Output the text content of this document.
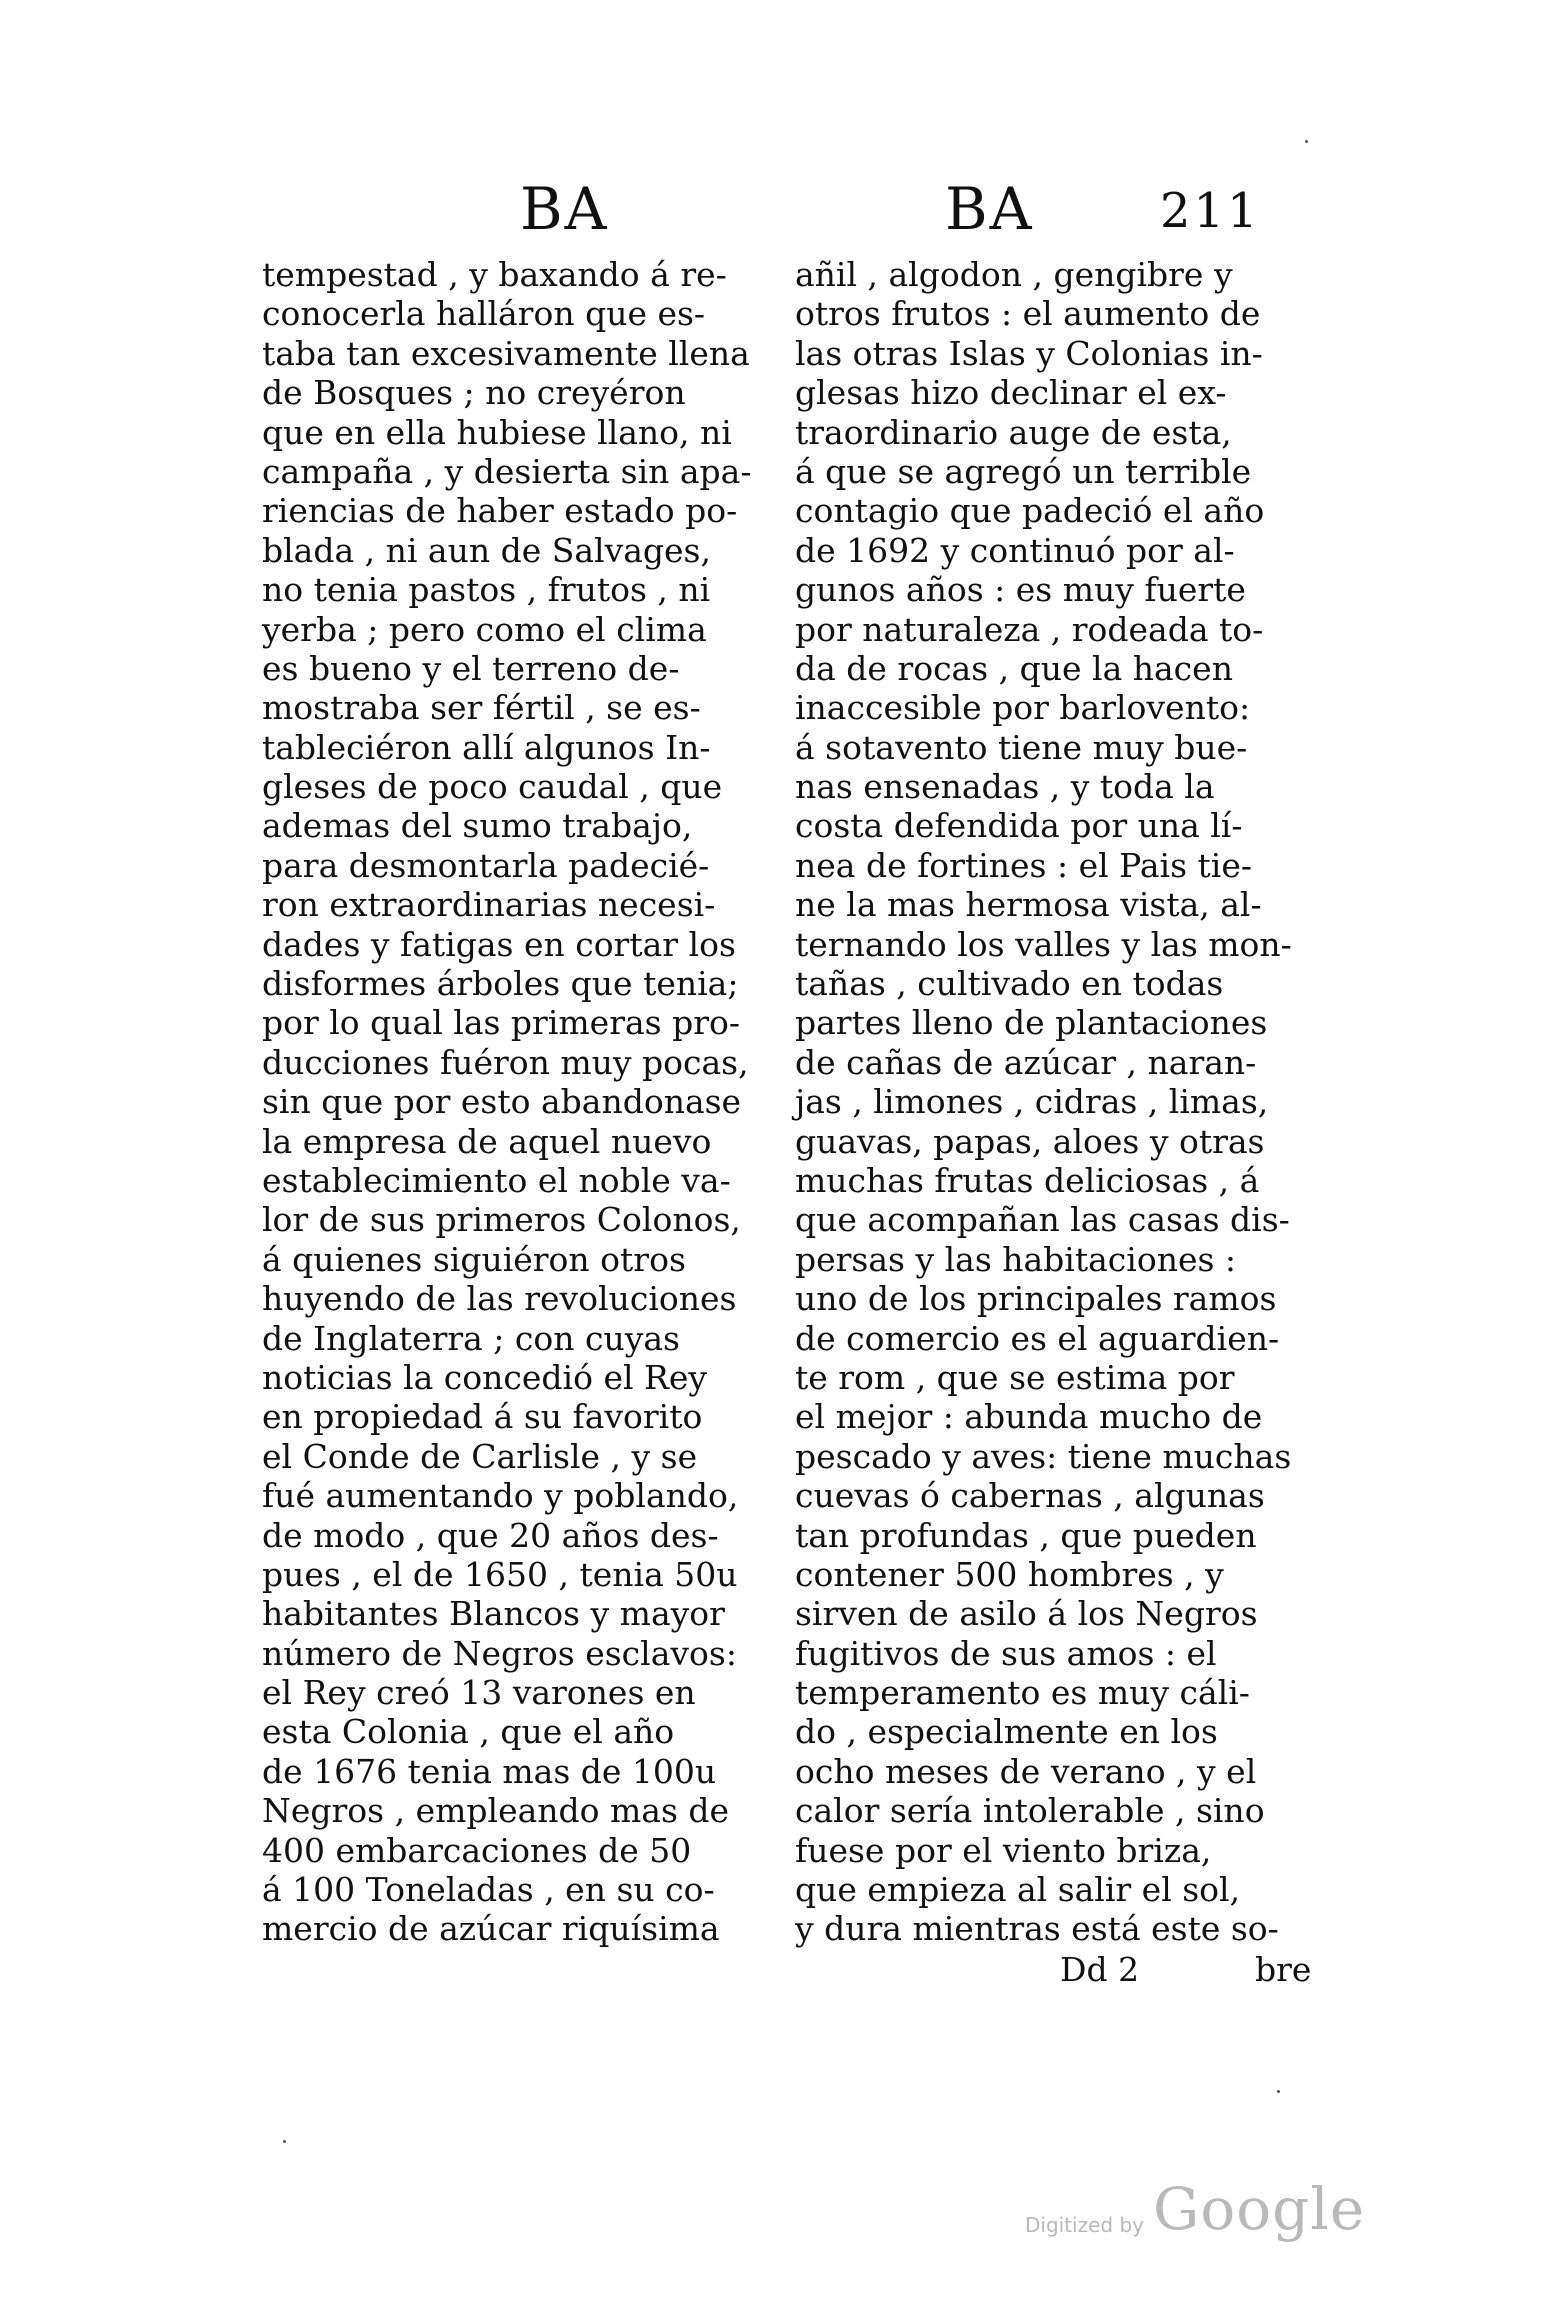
BA	BA	211
tempestad , y baxando á re-
conocerla halláron que es-
taba tan excesivamente llena
de Bosques ; no creyéron
que en ella hubiese llano, ni
campaña , y desierta sin apa-
riencias de haber estado po-
blada , ni aun de Salvages,
no tenia pastos , frutos , ni
yerba ; pero como el clima
es bueno y el terreno de-
mostraba ser fértil , se es-
tableciéron allí algunos In-
gleses de poco caudal , que
ademas del sumo trabajo,
para desmontarla padecié-
ron extraordinarias necesi-
dades y fatigas en cortar los
disformes árboles que tenia;
por lo qual las primeras pro-
ducciones fuéron muy pocas,
sin que por esto abandonase
la empresa de aquel nuevo
establecimiento el noble va-
lor de sus primeros Colonos,
á quienes siguiéron otros
huyendo de las revoluciones
de Inglaterra ; con cuyas
noticias la concedió el Rey
en propiedad á su favorito
el Conde de Carlisle , y se
fué aumentando y poblando,
de modo , que 20 años des-
pues , el de 1650 , tenia 50u
habitantes Blancos y mayor
número de Negros esclavos:
el Rey creó 13 varones en
esta Colonia , que el año
de 1676 tenia mas de 100u
Negros , empleando mas de
400 embarcaciones de 50
á 100 Toneladas , en su co-
mercio de azúcar riquísima
añil , algodon , gengibre y
otros frutos : el aumento de
las otras Islas y Colonias in-
glesas hizo declinar el ex-
traordinario auge de esta,
á que se agregó un terrible
contagio que padeció el año
de 1692 y continuó por al-
gunos años : es muy fuerte
por naturaleza , rodeada to-
da de rocas , que la hacen
inaccesible por barlovento:
á sotavento tiene muy bue-
nas ensenadas , y toda la
costa defendida por una lí-
nea de fortines : el Pais tie-
ne la mas hermosa vista, al-
ternando los valles y las mon-
tañas , cultivado en todas
partes lleno de plantaciones
de cañas de azúcar , naran-
jas , limones , cidras , limas,
guavas, papas, aloes y otras
muchas frutas deliciosas , á
que acompañan las casas dis-
persas y las habitaciones :
uno de los principales ramos
de comercio es el aguardien-
te rom , que se estima por
el mejor : abunda mucho de
pescado y aves: tiene muchas
cuevas ó cabernas , algunas
tan profundas , que pueden
contener 500 hombres , y
sirven de asilo á los Negros
fugitivos de sus amos : el
temperamento es muy cáli-
do , especialmente en los
ocho meses de verano , y el
calor sería intolerable , sino
fuese por el viento briza,
que empieza al salir el sol,
y dura mientras está este so-
Dd 2	bre
Digitized by Google
